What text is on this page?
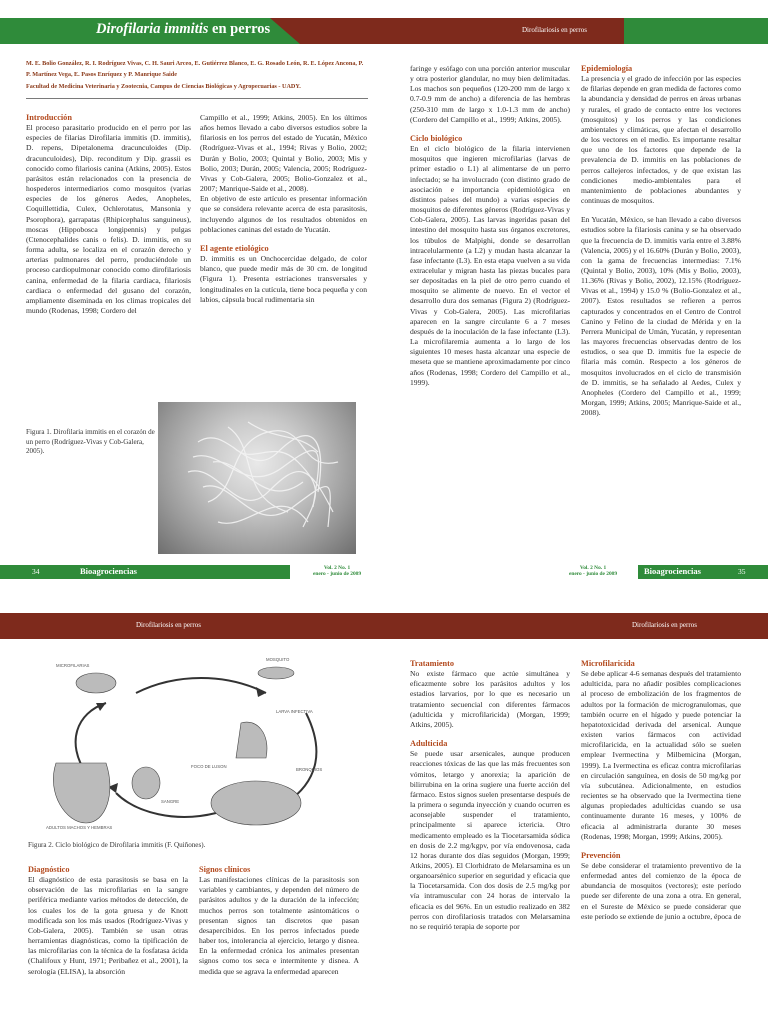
Dirofilaria immitis en perros
M. E. Bolio González, R. I. Rodríguez Vivas, C. H. Sauri Arceo, E. Gutiérrez Blanco, E. G. Rosado León, R. E. López Ancona, P. P. Martínez Vega, E. Pasos Enríquez y P. Manrique Saide
Facultad de Medicina Veterinaria y Zootecnia, Campus de Ciencias Biológicas y Agropecuarias - UADY.

Introducción

El proceso parasitario producido en el perro por las especies de filarias Dirofilaria immitis (D. immitis), D. repens, Dipetalonema dracunculoides (Dip. dracunculoides), Dip. reconditum y Dip. grassii es conocido como filariosis canina (Atkins, 2005). Estos parásitos están relacionados con la presencia de hospederos intermediarios como mosquitos (varias especies de los géneros Aedes, Anopheles, Coquillettidia, Culex, Ochlerotatus, Mansonia y Psorophora), garrapatas (Rhipicephalus sanguineus), moscas (Hippobosca longipennis) y pulgas (Ctenocephalides canis o felis). D. immitis, en su forma adulta, se localiza en el corazón derecho y arterias pulmonares del perro, produciéndole un proceso cardiopulmonar conocido como dirofilariosis canina, enfermedad de la filaria cardiaca, filariosis cardiaca o enfermedad del gusano del corazón, ampliamente diseminada en los climas tropicales del mundo (Rodenas, 1998; Cordero del

Campillo et al., 1999; Atkins, 2005). En los últimos años hemos llevado a cabo diversos estudios sobre la filariosis en los perros del estado de Yucatán, México (Rodríguez-Vivas et al., 1994; Rivas y Bolio, 2002; Durán y Bolio, 2003; Quintal y Bolio, 2003; Mis y Bolio, 2003; Durán, 2005; Valencia, 2005; Rodríguez-Vivas y Cob-Galera, 2005; Bolio-Gonzalez et al., 2007; Manrique-Saide et al., 2008).

En objetivo de este artículo es presentar información que se considera relevante acerca de esta parasitosis, incluyendo algunos de los resultados obtenidos en poblaciones caninas del estado de Yucatán.

El agente etiológico

D. immitis es un Onchocercidae delgado, de color blanco, que puede medir más de 30 cm. de longitud (Figura 1). Presenta estriaciones transversales y longitudinales en la cutícula, tiene boca pequeña y con labios, cápsula bucal rudimentaria sin

Figura 1. Dirofilaria immitis en el corazón de un perro (Rodríguez-Vivas y Cob-Galera, 2005).
34	Bioagrociencias	Vol. 2 No. 1
enero - junio de 2009
Dirofilariosis en perros

faringe y esófago con una porción anterior muscular y otra posterior glandular, no muy bien delimitadas. Los machos son pequeños (120-200 mm de largo x 0.7-0.9 mm de ancho) a diferencia de las hembras (250-310 mm de largo x 1.0-1.3 mm de ancho) (Cordero del Campillo et al., 1999; Atkins, 2005).

Ciclo biológico

En el ciclo biológico de la filaria intervienen mosquitos que ingieren microfilarias (larvas de primer estadio o L1) al alimentarse de un perro infectado; se ha involucrado (con distinto grado de asociación e importancia epidemiológica en distintos países del mundo) a varias especies de mosquitos de diferentes géneros (Rodríguez-Vivas y Cob-Galera, 2005). Las larvas ingeridas pasan del intestino del mosquito hasta sus órganos excretores, los túbulos de Malpighi, donde se desarrollan intracelularmente (a L2) y mudan hasta alcanzar la fase infectante (L3). En esta etapa vuelven a su vida extracelular y migran hasta las piezas bucales para ser depositadas en la piel de otro perro cuando el mosquito se alimente de nuevo. En el vector el desarrollo dura dos semanas (Figura 2) (Rodríguez-Vivas y Cob-Galera, 2005). Las microfilarias aparecen en la sangre circulante 6 a 7 meses después de la inoculación de la fase infectante (L3). La microfilaremia aumenta a lo largo de los siguientes 10 meses hasta alcanzar una especie de meseta que se mantiene aproximadamente por cinco años (Rodenas, 1998; Cordero del Campillo et al., 1999).

Epidemiología

La presencia y el grado de infección por las especies de filarias depende en gran medida de factores como la abundancia y densidad de perros en áreas urbanas y rurales, el grado de contacto entre los vectores (mosquitos) y los perros y las condiciones ambientales y climáticas, que afectan el desarrollo de los vectores en el medio. Es importante resaltar que uno de los factores que depende de la prevalencia de D. immitis en las poblaciones de perros callejeros infectados, y de que existan las condiciones medio-ambientales para el mantenimiento de poblaciones abundantes y continuas de mosquitos.

En Yucatán, México, se han llevado a cabo diversos estudios sobre la filariosis canina y se ha observado que la frecuencia de D. immitis varía entre el 3.88% (Valencia, 2005) y el 16.60% (Durán y Bolio, 2003), con la gama de frecuencias intermedias: 7.1% (Quintal y Bolio, 2003), 10% (Mis y Bolio, 2003), 11.36% (Rivas y Bolio, 2002), 12.15% (Rodríguez-Vivas et al., 1994) y 15.0 % (Bolio-Gonzalez et al., 2007). Estos resultados se refieren a perros capturados y concentrados en el Centro de Control Canino y Felino de la ciudad de Mérida y en la Perrera Municipal de Umán, Yucatán, y representan las mayores frecuencias observadas dentro de los estudios, o sea que D. immitis fue la especie de filaria más común. Respecto a los géneros de mosquitos involucrados en el ciclo de transmisión de D. immitis, se ha señalado al Aedes, Culex y Anopheles (Cordero del Campillo et al., 1999; Morgan, 1999; Atkins, 2005; Manrique-Saide et al., 2008).

Vol. 2 No. 1
enero - junio de 2009	Bioagrociencias	35
Dirofilariosis en perros
Figura 2. Ciclo biológico de Dirofilaria immitis (F. Quiñones).

Diagnóstico

El diagnóstico de esta parasitosis se basa en la observación de las microfilarias en la sangre periférica mediante varios métodos de detección, de los cuales los de la gota gruesa y de Knott modificada son los más usados (Rodríguez-Vivas y Cob-Galera, 2005). También se usan otras herramientas diagnósticas, como la tipificación de las microfilarias con la técnica de la fosfatasa ácida (Chalifoux y Hunt, 1971; Peribañez et al., 2001), la serología (ELISA), la absorción

Signos clínicos

Las manifestaciones clínicas de la parasitosis son variables y cambiantes, y dependen del número de parásitos adultos y de la duración de la infección; muchos perros son totalmente asintomáticos o presentan signos tan discretos que pasan desapercibidos. En los perros infectados puede haber tos, intolerancia al ejercicio, letargo y disnea. En la enfermedad crónica los animales presentan signos como tos seca e intermitente y disnea. A medida que se agrava la enfermedad aparecen

MICROFILARIAS
MOSQUITO
LARVA INFECTIVA
FOCO DE LUSON
SANGRE
ADULTOS MACHOS Y HEMBRAS
BRONQUIOS
Dirofilariosis en perros

Tratamiento

No existe fármaco que actúe simultánea y eficazmente sobre los parásitos adultos y los estadios larvarios, por lo que es necesario un tratamiento secuencial con diferentes fármacos (adulticida y microfilaricida) (Morgan, 1999; Atkins, 2005).

Adulticida

Se puede usar arsenicales, aunque producen reacciones tóxicas de las que las más frecuentes son vómitos, letargo y anorexia; la aparición de bilirrubina en la orina sugiere una fuerte acción del fármaco. Estos signos suelen presentarse después de la primera o segunda inyección y cuando ocurren es aconsejable suspender el tratamiento, principalmente si aparece ictericia. Otro medicamento empleado es la Tiocetarsamida sódica en dosis de 2.2 mg/kgpv, por vía endovenosa, cada 12 horas durante dos días seguidos (Morgan, 1999; Atkins, 2005). El Clorhidrato de Melarsamina es un organoarsénico superior en seguridad y eficacia que la Tiocetarsamida. Con dos dosis de 2.5 mg/kg por vía intramuscular con 24 horas de intervalo la eficacia es del 96%. En un estudio realizado en 382 perros con dirofilariosis tratados con Melarsamina no se requirió terapia de soporte por

Microfilaricida

Se debe aplicar 4-6 semanas después del tratamiento adulticida, para no añadir posibles complicaciones al proceso de embolización de los fragmentos de adultos por la formación de microgranulomas, que también ocurre en el hígado y puede potenciar la hepatotoxicidad derivada del arsenical. Aunque existen varios fármacos con actividad microfilaricida, en la actualidad sólo se suelen emplear Ivermectina y Milbemicina (Morgan, 1999). La Ivermectina es eficaz contra microfilarias en circulación sanguínea, en dosis de 50 mg/kg por vía subcutánea. Adicionalmente, en estudios recientes se ha observado que la Ivermectina tiene algunas propiedades adulticidas cuando se usa continuamente durante 16 meses, y 100% de eficacia al administrarla durante 30 meses (Rodenas, 1998; Morgan, 1999; Atkins, 2005).

Prevención

Se debe considerar el tratamiento preventivo de la enfermedad antes del comienzo de la época de abundancia de mosquitos (vectores); este período puede ser diferente de una zona a otra. En general, en el Sureste de México se puede considerar que este período se extiende de junio a octubre, época de
